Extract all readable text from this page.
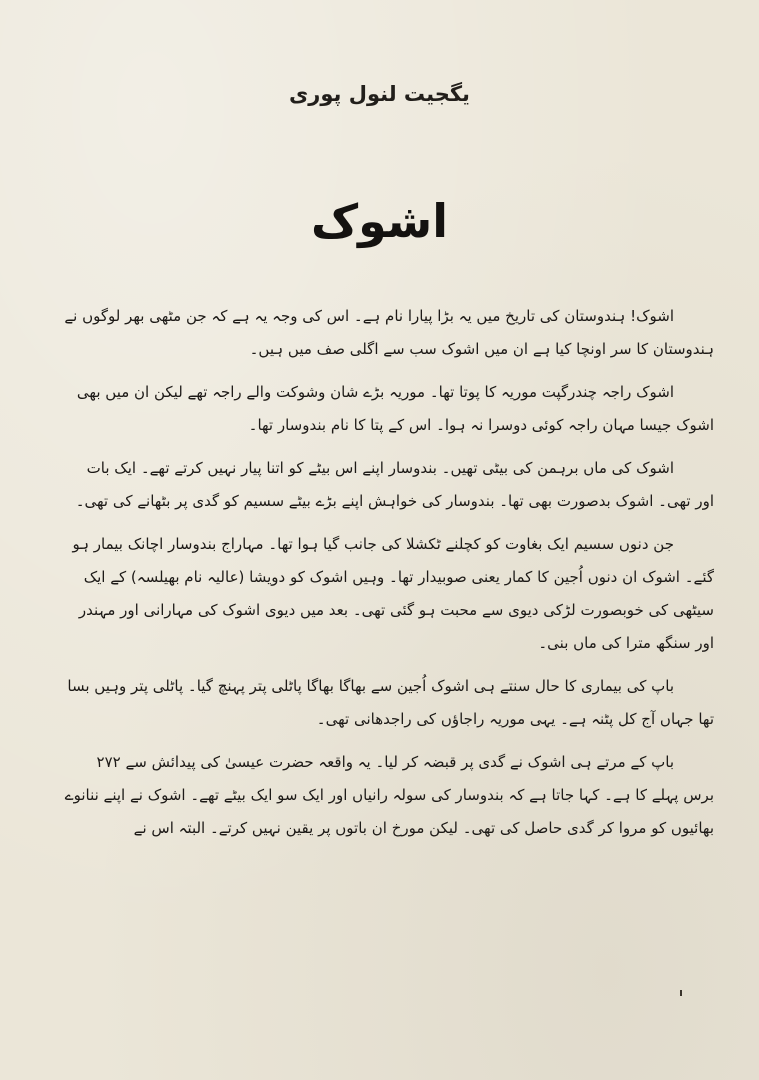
یگجیت لنول پوری
اشوک

اشوک! ہندوستان کی تاریخ میں یہ بڑا پیارا نام ہے۔ اس کی وجہ یہ ہے کہ جن مٹھی بھر لوگوں نے ہندوستان کا سر اونچا کیا ہے ان میں اشوک سب سے اگلی صف میں ہیں۔

اشوک راجہ چندرگپت موریہ کا پوتا تھا۔ موریہ بڑے شان وشوکت والے راجہ تھے لیکن ان میں بھی اشوک جیسا مہان راجہ کوئی دوسرا نہ ہوا۔ اس کے پتا کا نام بندوسار تھا۔

اشوک کی ماں برہمن کی بیٹی تھیں۔ بندوسار اپنے اس بیٹے کو اتنا پیار نہیں کرتے تھے۔ ایک بات اور تھی۔ اشوک بدصورت بھی تھا۔ بندوسار کی خواہش اپنے بڑے بیٹے سسیم کو گدی پر بٹھانے کی تھی۔

جن دنوں سسیم ایک بغاوت کو کچلنے ٹکشلا کی جانب گیا ہوا تھا۔ مہاراج بندوسار اچانک بیمار ہو گئے۔ اشوک ان دنوں اُجین کا کمار یعنی صوبیدار تھا۔ وہیں اشوک کو دویشا (عالیہ نام بھیلسہ) کے ایک سیٹھی کی خوبصورت لڑکی دیوی سے محبت ہو گئی تھی۔ بعد میں دیوی اشوک کی مہارانی اور مہندر اور سنگھ مترا کی ماں بنی۔

باپ کی بیماری کا حال سنتے ہی اشوک اُجین سے بھاگا بھاگا پاٹلی پتر پہنچ گیا۔ پاٹلی پتر وہیں بسا تھا جہاں آج کل پٹنہ ہے۔ یہی موریہ راجاؤں کی راجدھانی تھی۔

باپ کے مرتے ہی اشوک نے گدی پر قبضہ کر لیا۔ یہ واقعہ حضرت عیسیٰ کی پیدائش سے ۲۷۲ برس پہلے کا ہے۔ کہا جاتا ہے کہ بندوسار کی سولہ رانیاں اور ایک سو ایک بیٹے تھے۔ اشوک نے اپنے ننانوے بھائیوں کو مروا کر گدی حاصل کی تھی۔ لیکن مورخ ان باتوں پر یقین نہیں کرتے۔ البتہ اس نے
